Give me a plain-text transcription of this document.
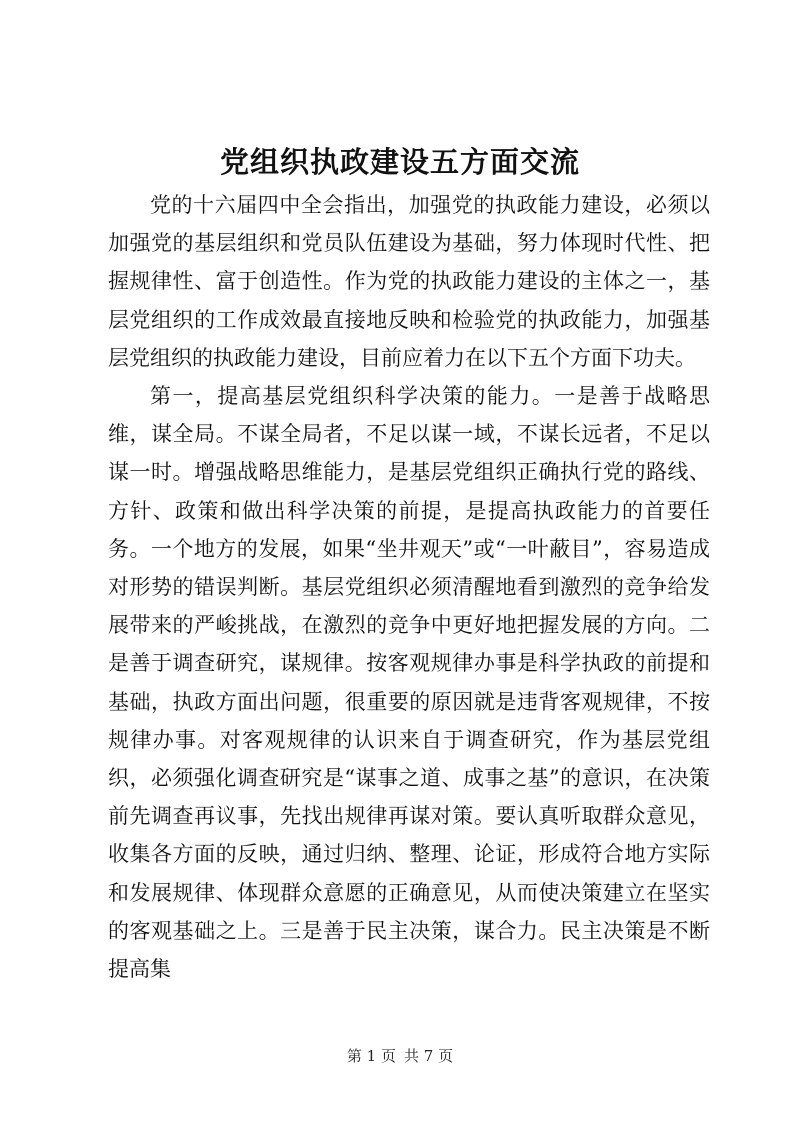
党组织执政建设五方面交流

党的十六届四中全会指出，加强党的执政能力建设，必须以加强党的基层组织和党员队伍建设为基础，努力体现时代性、把握规律性、富于创造性。作为党的执政能力建设的主体之一，基层党组织的工作成效最直接地反映和检验党的执政能力，加强基层党组织的执政能力建设，目前应着力在以下五个方面下功夫。

第一，提高基层党组织科学决策的能力。一是善于战略思维，谋全局。不谋全局者，不足以谋一域，不谋长远者，不足以谋一时。增强战略思维能力，是基层党组织正确执行党的路线、方针、政策和做出科学决策的前提，是提高执政能力的首要任务。一个地方的发展，如果“坐井观天”或“一叶蔽目”，容易造成对形势的错误判断。基层党组织必须清醒地看到激烈的竞争给发展带来的严峻挑战，在激烈的竞争中更好地把握发展的方向。二是善于调查研究，谋规律。按客观规律办事是科学执政的前提和基础，执政方面出问题，很重要的原因就是违背客观规律，不按规律办事。对客观规律的认识来自于调查研究，作为基层党组织，必须强化调查研究是“谋事之道、成事之基”的意识，在决策前先调查再议事，先找出规律再谋对策。要认真听取群众意见，收集各方面的反映，通过归纳、整理、论证，形成符合地方实际和发展规律、体现群众意愿的正确意见，从而使决策建立在坚实的客观基础之上。三是善于民主决策，谋合力。民主决策是不断提高集

第 1 页 共 7 页
